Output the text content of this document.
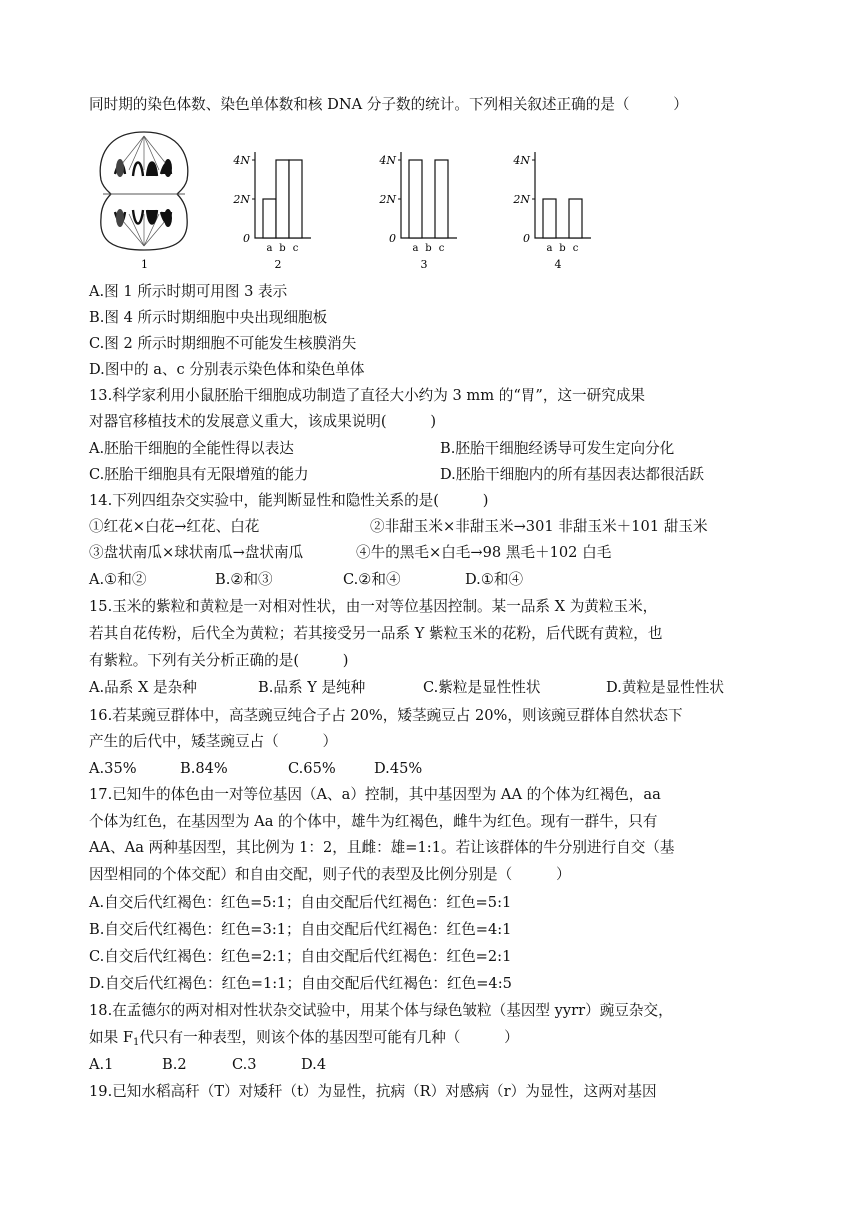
同时期的染色体数、染色单体数和核 DNA 分子数的统计。下列相关叙述正确的是（　　　）
1
4N
2N
0
a b c
2
4N
2N
0
a b c
3
4N
2N
0
a b c
4
A.图 1 所示时期可用图 3 表示
B.图 4 所示时期细胞中央出现细胞板
C.图 2 所示时期细胞不可能发生核膜消失
D.图中的 a、c 分别表示染色体和染色单体
13.科学家利用小鼠胚胎干细胞成功制造了直径大小约为 3 mm 的“胃”，这一研究成果
对器官移植技术的发展意义重大，该成果说明(　　　)
A.胚胎干细胞的全能性得以表达	B.胚胎干细胞经诱导可发生定向分化
C.胚胎干细胞具有无限增殖的能力	D.胚胎干细胞内的所有基因表达都很活跃
14.下列四组杂交实验中，能判断显性和隐性关系的是(　　　)
①红花×白花→红花、白花	②非甜玉米×非甜玉米→301 非甜玉米＋101 甜玉米
③盘状南瓜×球状南瓜→盘状南瓜	④牛的黑毛×白毛→98 黑毛＋102 白毛
A.①和②	B.②和③	C.②和④	D.①和④
15.玉米的紫粒和黄粒是一对相对性状，由一对等位基因控制。某一品系 X 为黄粒玉米，
若其自花传粉，后代全为黄粒；若其接受另一品系 Y 紫粒玉米的花粉，后代既有黄粒，也
有紫粒。下列有关分析正确的是(　　　)
A.品系 X 是杂种	B.品系 Y 是纯种	C.紫粒是显性性状	D.黄粒是显性性状
16.若某豌豆群体中，高茎豌豆纯合子占 20%，矮茎豌豆占 20%，则该豌豆群体自然状态下
产生的后代中，矮茎豌豆占（　　　）
A.35%	B.84%	C.65%	D.45%
17.已知牛的体色由一对等位基因（A、a）控制，其中基因型为 AA 的个体为红褐色，aa
个体为红色，在基因型为 Aa 的个体中，雄牛为红褐色，雌牛为红色。现有一群牛，只有
AA、Aa 两种基因型，其比例为 1：2，且雌：雄=1:1。若让该群体的牛分别进行自交（基
因型相同的个体交配）和自由交配，则子代的表型及比例分别是（　　　）
A.自交后代红褐色：红色=5:1；自由交配后代红褐色：红色=5:1
B.自交后代红褐色：红色=3:1；自由交配后代红褐色：红色=4:1
C.自交后代红褐色：红色=2:1；自由交配后代红褐色：红色=2:1
D.自交后代红褐色：红色=1:1；自由交配后代红褐色：红色=4:5
18.在孟德尔的两对相对性状杂交试验中，用某个体与绿色皱粒（基因型 yyrr）豌豆杂交，
如果 $F_1$代只有一种表型，则该个体的基因型可能有几种（　　　）
A.1	B.2	C.3	D.4
19.已知水稻高秆（T）对矮秆（t）为显性，抗病（R）对感病（r）为显性，这两对基因
